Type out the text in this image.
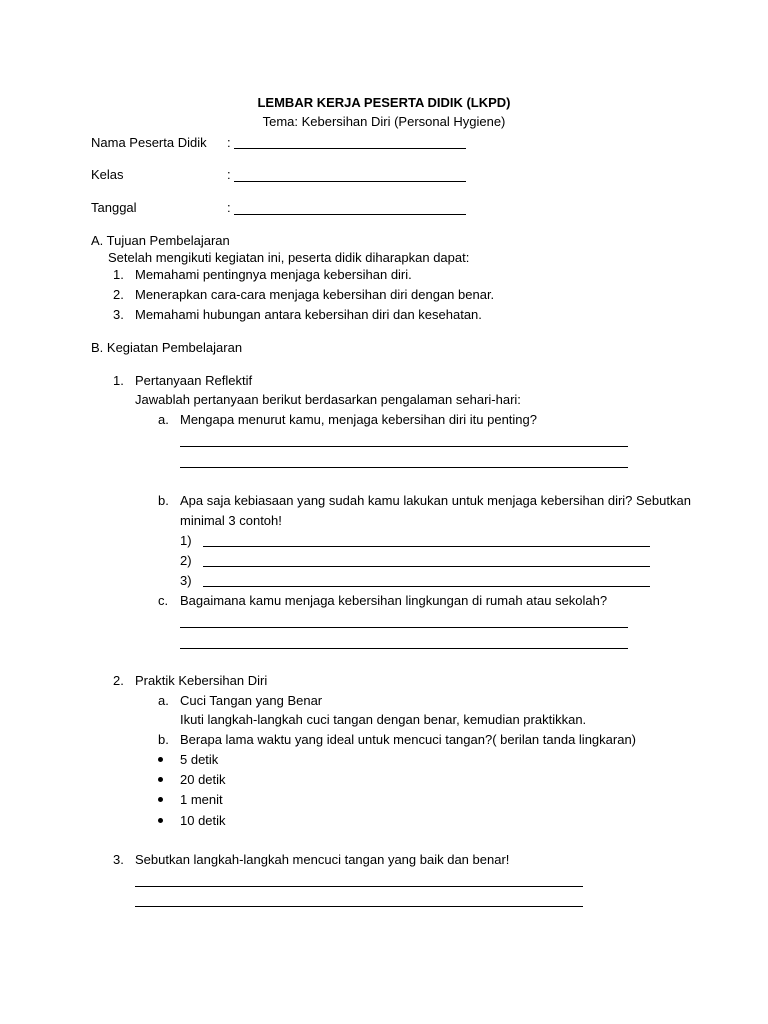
LEMBAR KERJA PESERTA DIDIK (LKPD)
Tema: Kebersihan Diri (Personal Hygiene)
Nama Peserta Didik :
Kelas	:
Tanggal	:
A. Tujuan Pembelajaran
Setelah mengikuti kegiatan ini, peserta didik diharapkan dapat:
1. Memahami pentingnya menjaga kebersihan diri.
2. Menerapkan cara-cara menjaga kebersihan diri dengan benar.
3. Memahami hubungan antara kebersihan diri dan kesehatan.
B. Kegiatan Pembelajaran
1. Pertanyaan Reflektif
Jawablah pertanyaan berikut berdasarkan pengalaman sehari-hari:
a. Mengapa menurut kamu, menjaga kebersihan diri itu penting?
b. Apa saja kebiasaan yang sudah kamu lakukan untuk menjaga kebersihan diri? Sebutkan
minimal 3 contoh!
1)
2)
3)
c. Bagaimana kamu menjaga kebersihan lingkungan di rumah atau sekolah?
2. Praktik Kebersihan Diri
a. Cuci Tangan yang Benar
Ikuti langkah-langkah cuci tangan dengan benar, kemudian praktikkan.
b. Berapa lama waktu yang ideal untuk mencuci tangan?( berilan tanda lingkaran)
5 detik
20 detik
1 menit
10 detik
3. Sebutkan langkah-langkah mencuci tangan yang baik dan benar!
